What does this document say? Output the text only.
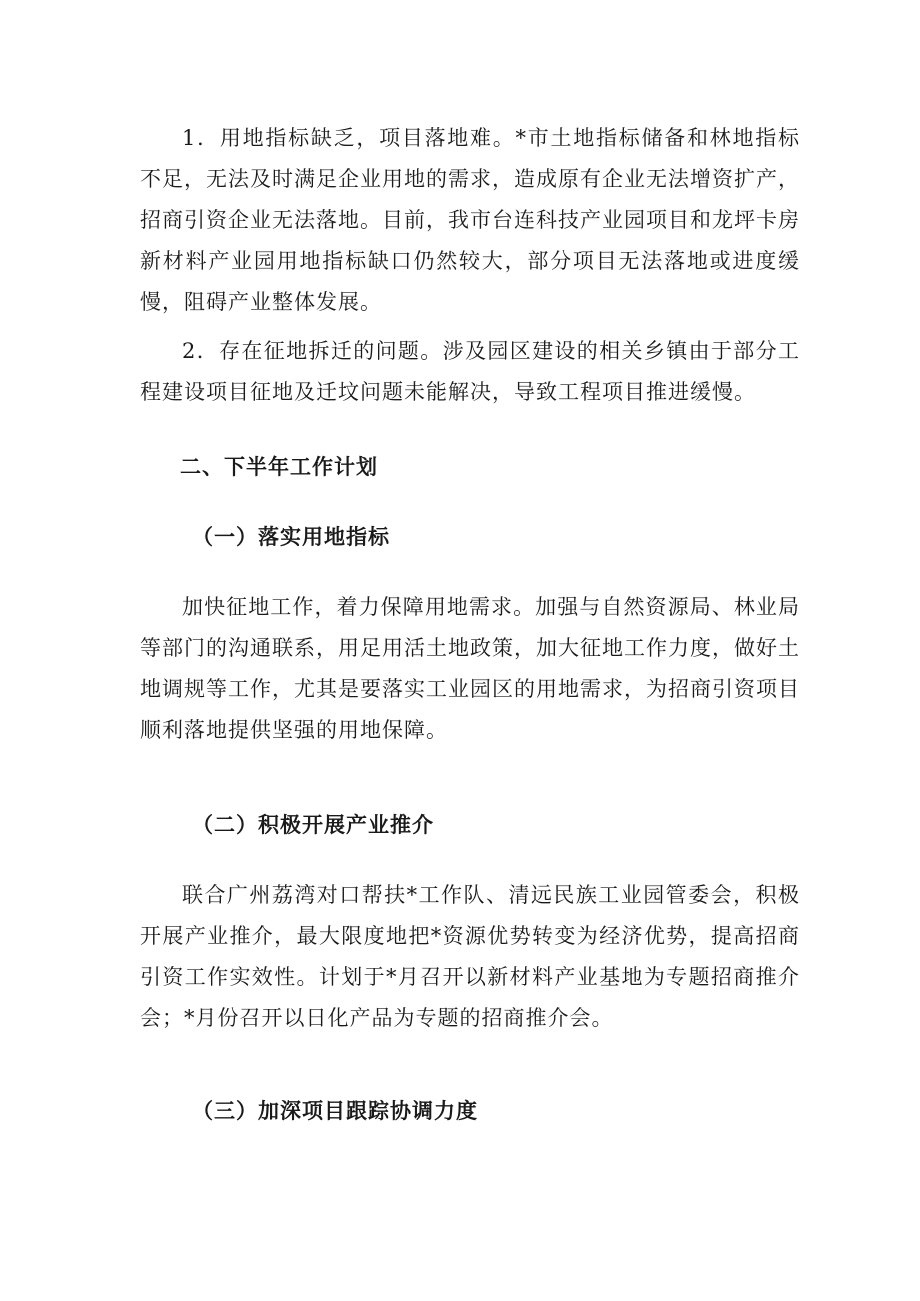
1．用地指标缺乏，项目落地难。*市土地指标储备和林地指标不足，无法及时满足企业用地的需求，造成原有企业无法增资扩产，招商引资企业无法落地。目前，我市台连科技产业园项目和龙坪卡房新材料产业园用地指标缺口仍然较大，部分项目无法落地或进度缓慢，阻碍产业整体发展。

2．存在征地拆迁的问题。涉及园区建设的相关乡镇由于部分工程建设项目征地及迁坟问题未能解决，导致工程项目推进缓慢。

二、下半年工作计划
（一）落实用地指标

加快征地工作，着力保障用地需求。加强与自然资源局、林业局等部门的沟通联系，用足用活土地政策，加大征地工作力度，做好土地调规等工作，尤其是要落实工业园区的用地需求，为招商引资项目顺利落地提供坚强的用地保障。

（二）积极开展产业推介

联合广州荔湾对口帮扶*工作队、清远民族工业园管委会，积极开展产业推介，最大限度地把*资源优势转变为经济优势，提高招商引资工作实效性。计划于*月召开以新材料产业基地为专题招商推介会；*月份召开以日化产品为专题的招商推介会。

（三）加深项目跟踪协调力度
